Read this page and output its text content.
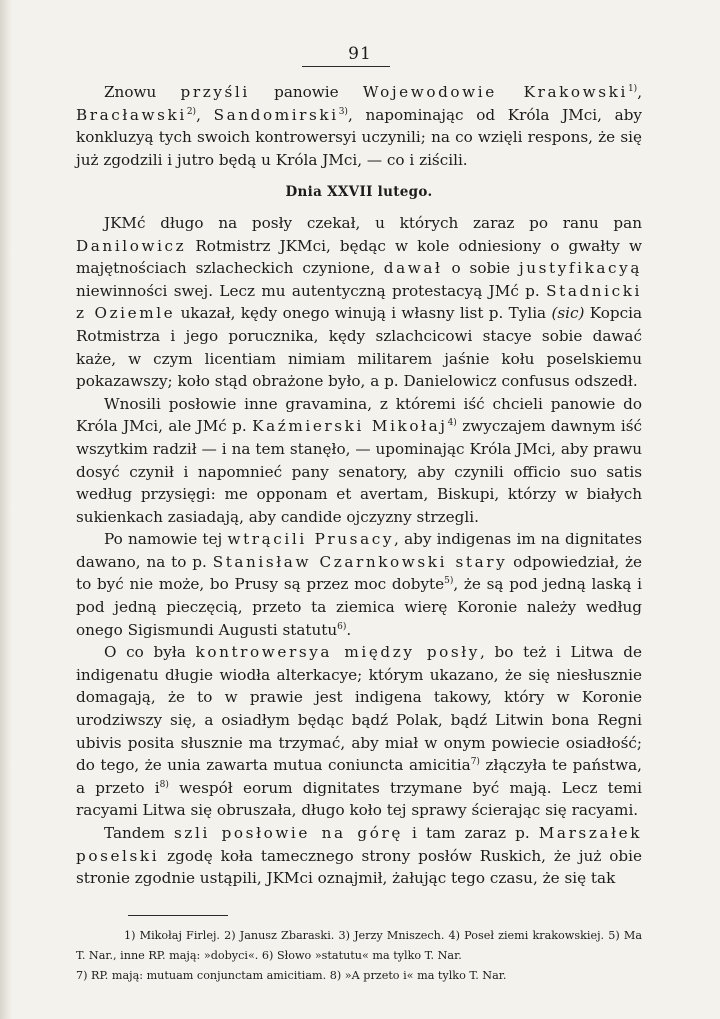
91

Znowu przyśli panowie Wojewodowie Krakowski$^{1)}$, Bracławski$^{2)}$, Sandomirski$^{3)}$, napominając od Króla JMci, aby konkluzyą tych swoich kontrowersyi uczynili; na co wzięli respons, że się już zgodzili i jutro będą u Króla JMci, — co i ziścili.

Dnia XXVII lutego.

JKMć długo na posły czekał, u których zaraz po ranu pan Danilowicz Rotmistrz JKMci, będąc w kole odniesiony o gwałty w majętnościach szlacheckich czynione, dawał o sobie justyfikacyą niewinności swej. Lecz mu autentyczną protestacyą JMć p. Stadnicki z Oziemle ukazał, kędy onego winują i własny list p. Tylia (sic) Kopcia Rotmistrza i jego porucznika, kędy szlachcicowi stacye sobie dawać każe, w czym licentiam nimiam militarem jaśnie kołu poselskiemu pokazawszy; koło stąd obrażone było, a p. Danielowicz confusus odszedł.

Wnosili posłowie inne gravamina, z któremi iść chcieli panowie do Króla JMci, ale JMć p. Kaźmierski Mikołaj$^{4)}$ zwyczajem dawnym iść wszytkim radził — i na tem stanęło, — upominając Króla JMci, aby prawu dosyć czynił i napomnieć pany senatory, aby czynili officio suo satis według przysięgi: me opponam et avertam, Biskupi, którzy w białych sukienkach zasiadają, aby candide ojczyzny strzegli.

Po namowie tej wtrącili Prusacy, aby indigenas im na dignitates dawano, na to p. Stanisław Czarnkowski stary odpowiedział, że to być nie może, bo Prusy są przez moc dobyte$^{5)}$, że są pod jedną laską i pod jedną pieczęcią, przeto ta ziemica wierę Koronie należy według onego Sigismundi Augusti statutu$^{6)}$.

O co była kontrowersya między posły, bo też i Litwa de indigenatu długie wiodła alterkacye; którym ukazano, że się niesłusznie domagają, że to w prawie jest indigena takowy, który w Koronie urodziwszy się, a osiadłym będąc bądź Polak, bądź Litwin bona Regni ubivis posita słusznie ma trzymać, aby miał w onym powiecie osiadłość; do tego, że unia zawarta mutua coniuncta amicitia$^{7)}$ złączyła te państwa, a przeto $i^{8)}$ wespół eorum dignitates trzymane być mają. Lecz temi racyami Litwa się obruszała, długo koło tej sprawy ścierając się racyami.

Tandem szli posłowie na górę i tam zaraz p. Marszałek poselski zgodę koła tamecznego strony posłów Ruskich, że już obie stronie zgodnie ustąpili, JKMci oznajmił, żałując tego czasu, że się tak

1) Mikołaj Firlej. 2) Janusz Zbaraski. 3) Jerzy Mniszech. 4) Poseł ziemi krakowskiej. 5) Ma T. Nar., inne RP. mają: »dobyci«. 6) Słowo »statutu« ma tylko T. Nar.

7) RP. mają: mutuam conjunctam amicitiam. 8) »A przeto i« ma tylko T. Nar.
